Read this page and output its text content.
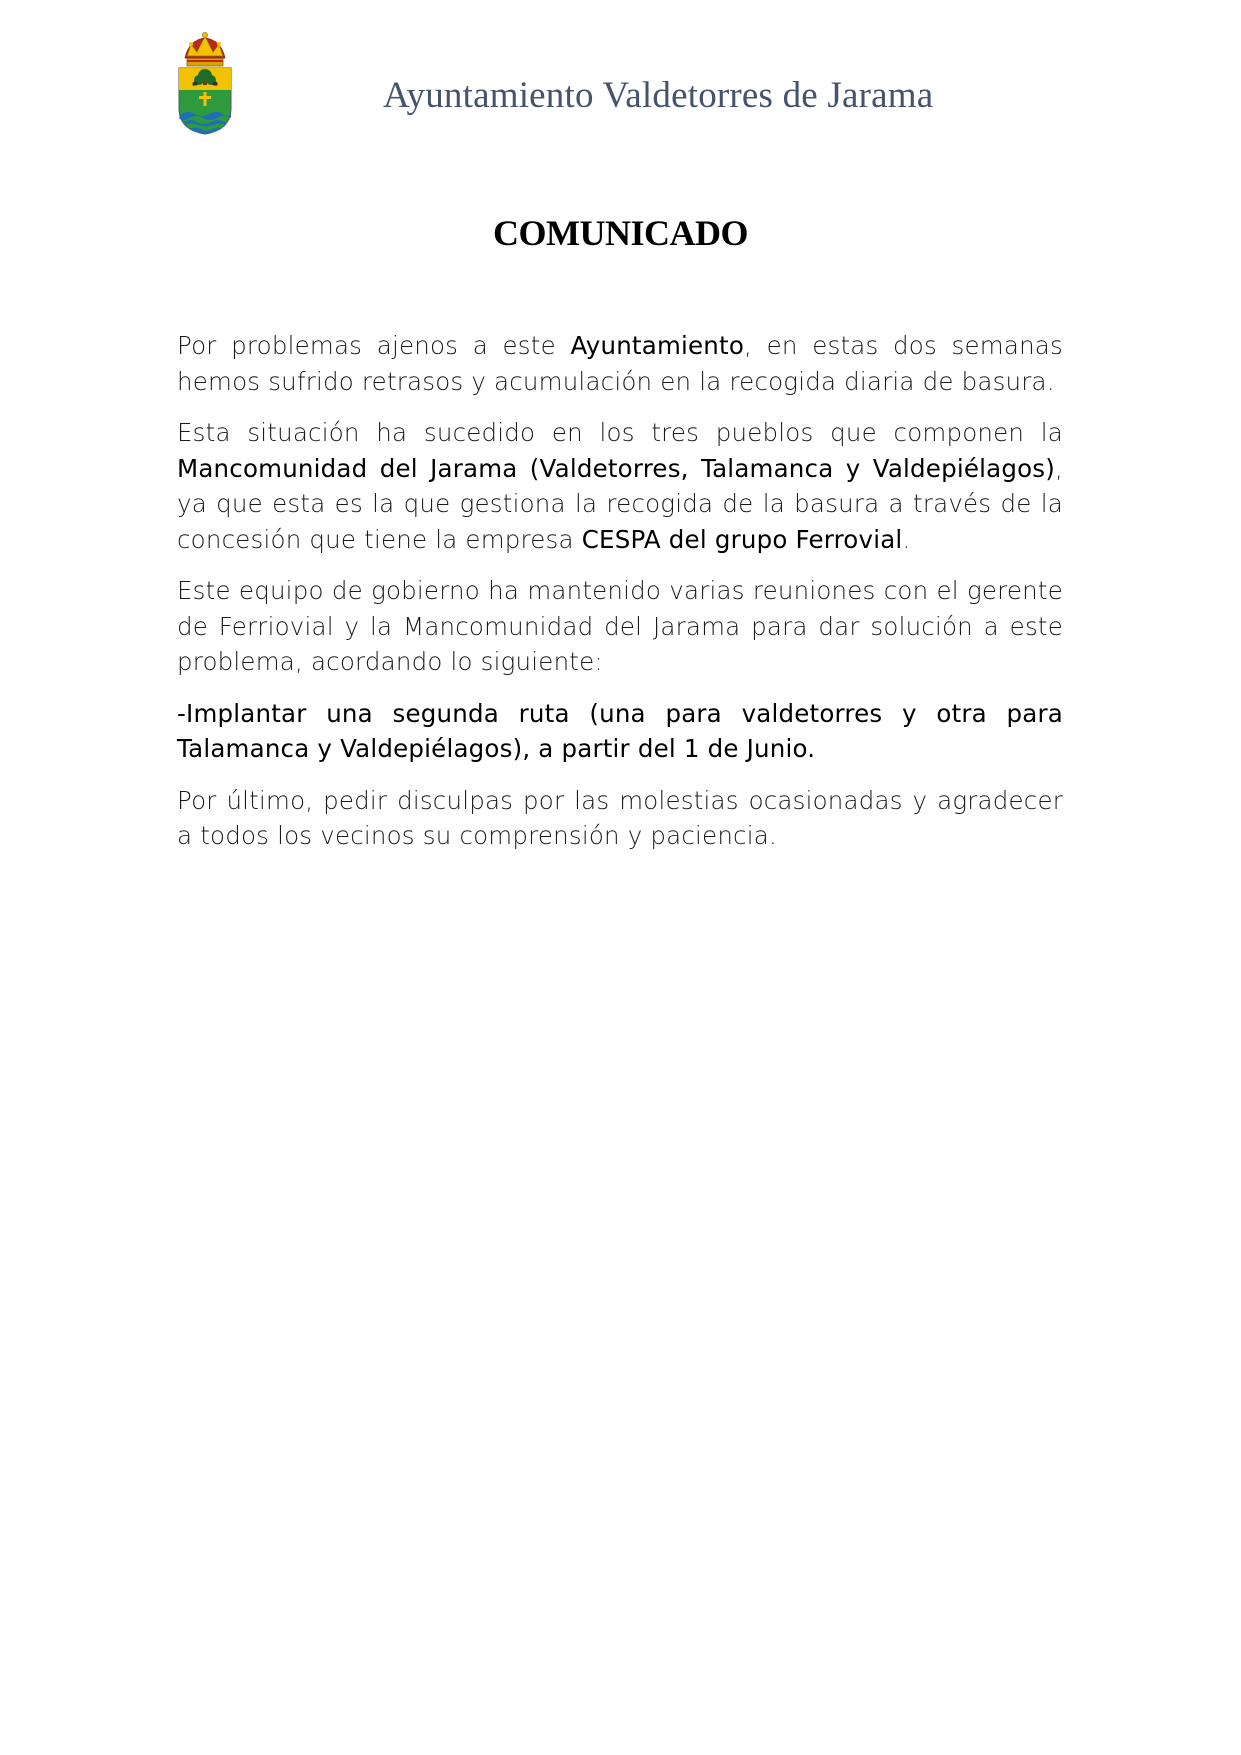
Ayuntamiento Valdetorres de Jarama
COMUNICADO

Por problemas ajenos a este Ayuntamiento, en estas dos semanas hemos sufrido retrasos y acumulación en la recogida diaria de basura.

Esta situación ha sucedido en los tres pueblos que componen la Mancomunidad del Jarama (Valdetorres, Talamanca y Valdepiélagos), ya que esta es la que gestiona la recogida de la basura a través de la concesión que tiene la empresa CESPA del grupo Ferrovial.

Este equipo de gobierno ha mantenido varias reuniones con el gerente de Ferriovial y la Mancomunidad del Jarama para dar solución a este problema, acordando lo siguiente:

-Implantar una segunda ruta (una para valdetorres y otra para Talamanca y Valdepiélagos), a partir del 1 de Junio.

Por último, pedir disculpas por las molestias ocasionadas y agradecer a todos los vecinos su comprensión y paciencia.
